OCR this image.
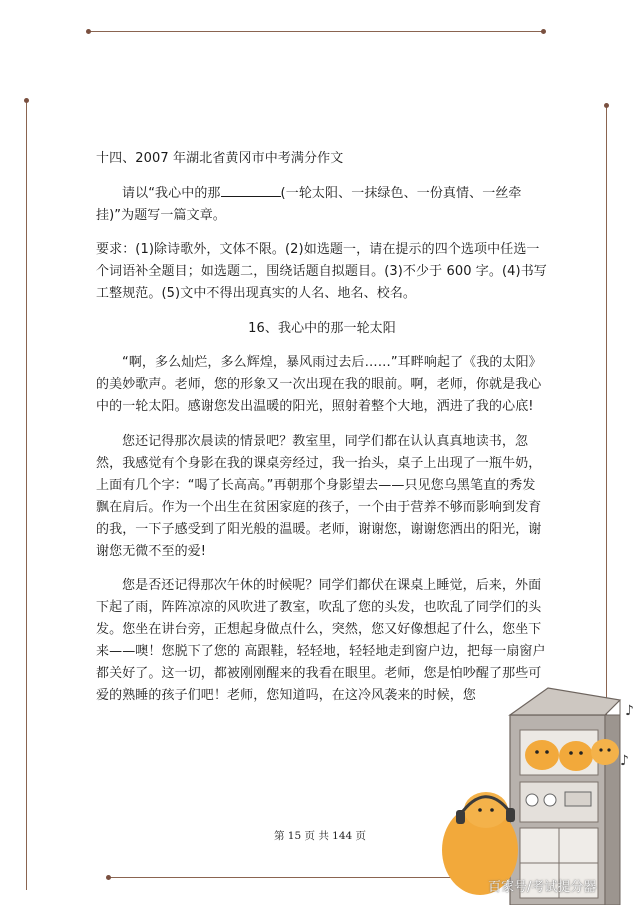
十四、2007 年湖北省黄冈市中考满分作文

请以“我心中的那	(一轮太阳、一抹绿色、一份真情、一丝牵挂)”为题写一篇文章。

要求：(1)除诗歌外，文体不限。(2)如选题一，请在提示的四个选项中任选一个词语补全题目；如选题二，围绕话题自拟题目。(3)不少于 600 字。(4)书写工整规范。(5)文中不得出现真实的人名、地名、校名。

16、我心中的那一轮太阳

“啊，多么灿烂，多么辉煌，暴风雨过去后……”耳畔响起了《我的太阳》的美妙歌声。老师，您的形象又一次出现在我的眼前。啊，老师，你就是我心中的一轮太阳。感谢您发出温暖的阳光，照射着整个大地，洒进了我的心底!

您还记得那次晨读的情景吧？教室里，同学们都在认认真真地读书，忽然，我感觉有个身影在我的课桌旁经过，我一抬头，桌子上出现了一瓶牛奶，上面有几个字：“喝了长高高。”再朝那个身影望去——只见您乌黑笔直的秀发飘在肩后。作为一个出生在贫困家庭的孩子，一个由于营养不够而影响到发育的我，一下子感受到了阳光般的温暖。老师，谢谢您，谢谢您洒出的阳光，谢谢您无微不至的爱!

您是否还记得那次午休的时候呢？同学们都伏在课桌上睡觉，后来，外面下起了雨，阵阵凉凉的风吹进了教室，吹乱了您的头发，也吹乱了同学们的头发。您坐在讲台旁，正想起身做点什么，突然，您又好像想起了什么，您坐下来——噢！您脱下了您的 高跟鞋，轻轻地，轻轻地走到窗户边，把每一扇窗户都关好了。这一切，都被刚刚醒来的我看在眼里。老师，您是怕吵醒了那些可爱的熟睡的孩子们吧！老师，您知道吗，在这冷风袭来的时候，您

第 15 页 共 144 页
♪
♪
百家号/考试提分器
